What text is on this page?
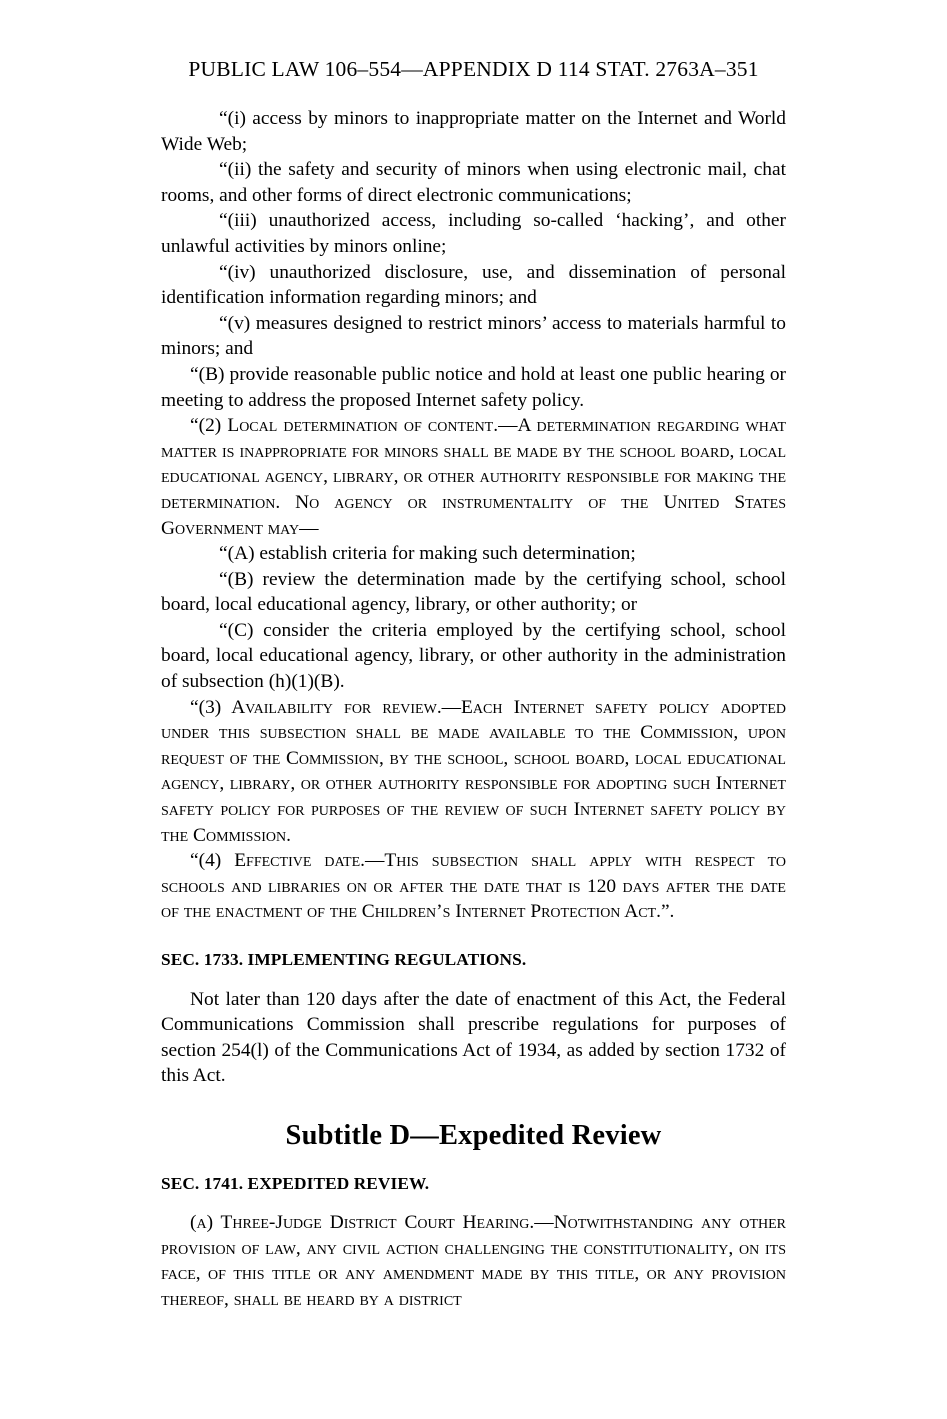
PUBLIC LAW 106–554—APPENDIX D 114 STAT. 2763A–351

“(i) access by minors to inappropriate matter on the Internet and World Wide Web;

“(ii) the safety and security of minors when using electronic mail, chat rooms, and other forms of direct electronic communications;

“(iii) unauthorized access, including so-called ‘hacking’, and other unlawful activities by minors online;

“(iv) unauthorized disclosure, use, and dissemination of personal identification information regarding minors; and

“(v) measures designed to restrict minors’ access to materials harmful to minors; and

“(B) provide reasonable public notice and hold at least one public hearing or meeting to address the proposed Internet safety policy.

“(2) Local determination of content.—A determination regarding what matter is inappropriate for minors shall be made by the school board, local educational agency, library, or other authority responsible for making the determination. No agency or instrumentality of the United States Government may—

“(A) establish criteria for making such determination;

“(B) review the determination made by the certifying school, school board, local educational agency, library, or other authority; or

“(C) consider the criteria employed by the certifying school, school board, local educational agency, library, or other authority in the administration of subsection (h)(1)(B).

“(3) Availability for review.—Each Internet safety policy adopted under this subsection shall be made available to the Commission, upon request of the Commission, by the school, school board, local educational agency, library, or other authority responsible for adopting such Internet safety policy for purposes of the review of such Internet safety policy by the Commission.

“(4) Effective date.—This subsection shall apply with respect to schools and libraries on or after the date that is 120 days after the date of the enactment of the Children’s Internet Protection Act.”.

SEC. 1733. IMPLEMENTING REGULATIONS.

Not later than 120 days after the date of enactment of this Act, the Federal Communications Commission shall prescribe regulations for purposes of section 254(l) of the Communications Act of 1934, as added by section 1732 of this Act.

Subtitle D—Expedited Review

SEC. 1741. EXPEDITED REVIEW.

(a) Three-Judge District Court Hearing.—Notwithstanding any other provision of law, any civil action challenging the constitutionality, on its face, of this title or any amendment made by this title, or any provision thereof, shall be heard by a district
